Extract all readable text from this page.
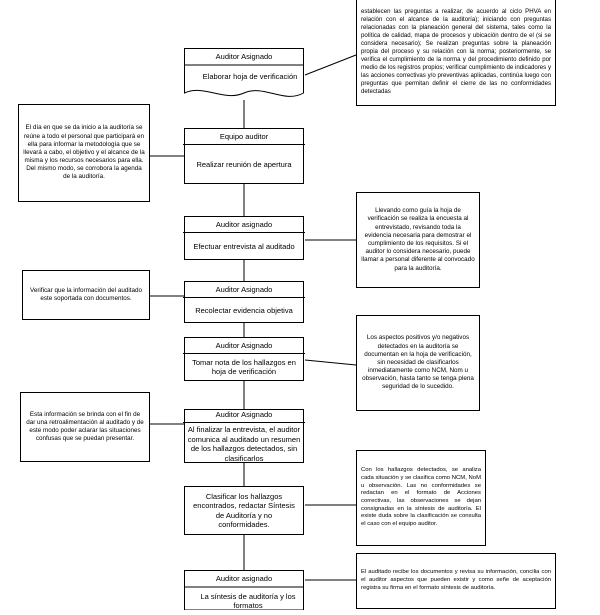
Auditor Asignado
Elaborar hoja de verificación
Equipo auditor
Realizar reunión de apertura
Auditor asignado
Efectuar entrevista al auditado
Auditor Asignado
Recolectar evidencia objetiva
Auditor Asignado
Tomar nota de los hallazgos en hoja de verificación
Auditor Asignado
Al finalizar la entrevista, el auditor comunica al auditado un resumen de los hallazgos detectados, sin clasificarlos
Clasificar los hallazgos encontrados, redactar Síntesis de Auditoría y no conformidades.
Auditor asignado
La síntesis de auditoría y los formatos
establecen las preguntas a realizar, de acuerdo al ciclo PHVA en relación con el alcance de la auditoría); iniciando con preguntas relacionadas con la planeación general del sistema, tales como la política de calidad, mapa de procesos y ubicación dentro de el (si se considera necesario); Se realizan preguntas sobre la planeación propia del proceso y su relación con la norma; posteriormente, se verifica el cumplimiento de la norma y del procedimiento definido por medio de los registros propios; verificar cumplimiento de indicadores y las acciones correctivas y/o preventivas aplicadas, continúa luego con preguntas que permitan definir el cierre de las no conformidades detectadas
El día en que se da inicio a la auditoría se reúne a todo el personal que participará en ella para informar la metodología que se llevará a cabo, el objetivo y el alcance de la misma y los recursos necesarios para ella. Del mismo modo, se corrobora la agenda de la auditoría.
Llevando como guía la hoja de verificación se realiza la encuesta al entrevistado, revisando toda la evidencia necesaria para demostrar el cumplimiento de los requisitos. Si el auditor lo considera necesario, puede llamar a personal diferente al convocado para la auditoría.
Verificar que la información del auditado este soportada con documentos.
Los aspectos positivos y/o negativos detectados en la auditoría se documentan en la hoja de verificación, sin necesidad de clasificarlos inmediatamente como NCM, Nom u observación, hasta tanto se tenga plena seguridad de lo sucedido.
Esta información se brinda con el fin de dar una retroalimentación al auditado y de este modo poder aclarar las situaciones confusas que se puedan presentar.
Con los hallazgos detectados, se analiza cada situación y se clasifica como NCM, NoM u observación. Las no conformidades se redactan en el formato de Acciones correctivas, las observaciones se dejan consignadas en la síntesis de auditoría. El existe duda sobre la clasificación se consulta el caso con el equipo auditor.
El auditado recibe los documentos y revisa su información, concilia con el auditor aspectos que pueden existir y como señe de aceptación registra su firma en el formato síntesis de auditoría.
